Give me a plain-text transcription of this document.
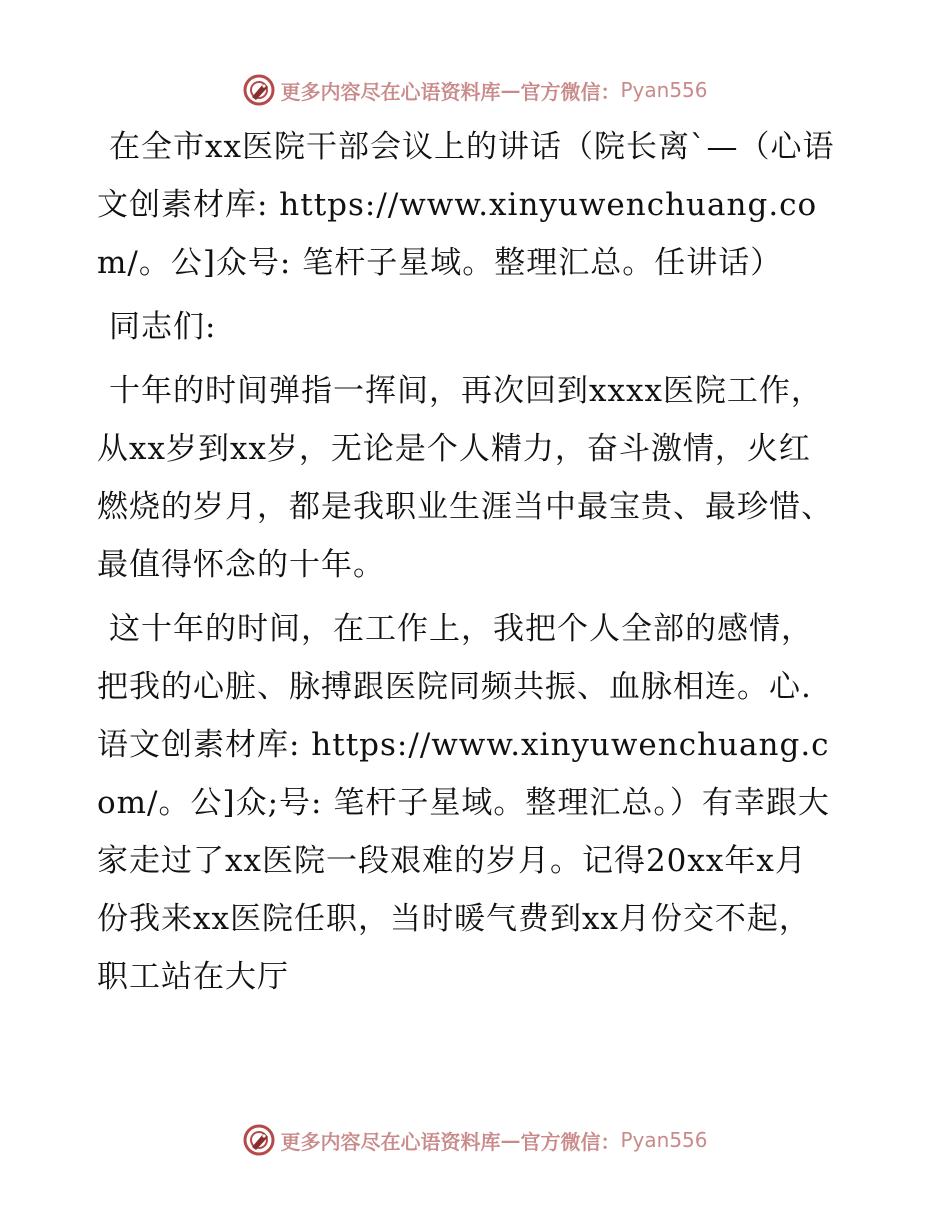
更多内容尽在心语资料库 — 官方微信： Pyan556

在全市xx医院干部会议上的讲话（院长离`—（心语文创素材库: https://www.xinyuwenchuang.com/。公]众号: 笔杆子星域。整理汇总。任讲话）

同志们:

十年的时间弹指一挥间，再次回到xxxx医院工作，从xx岁到xx岁，无论是个人精力，奋斗激情，火红燃烧的岁月，都是我职业生涯当中最宝贵、最珍惜、最值得怀念的十年。

这十年的时间，在工作上，我把个人全部的感情，把我的心脏、脉搏跟医院同频共振、血脉相连。心.语文创素材库: https://www.xinyuwenchuang.com/。公]众;号: 笔杆子星域。整理汇总。）有幸跟大家走过了xx医院一段艰难的岁月。记得20xx年x月份我来xx医院任职，当时暖气费到xx月份交不起，职工站在大厅

更多内容尽在心语资料库 — 官方微信： Pyan556
